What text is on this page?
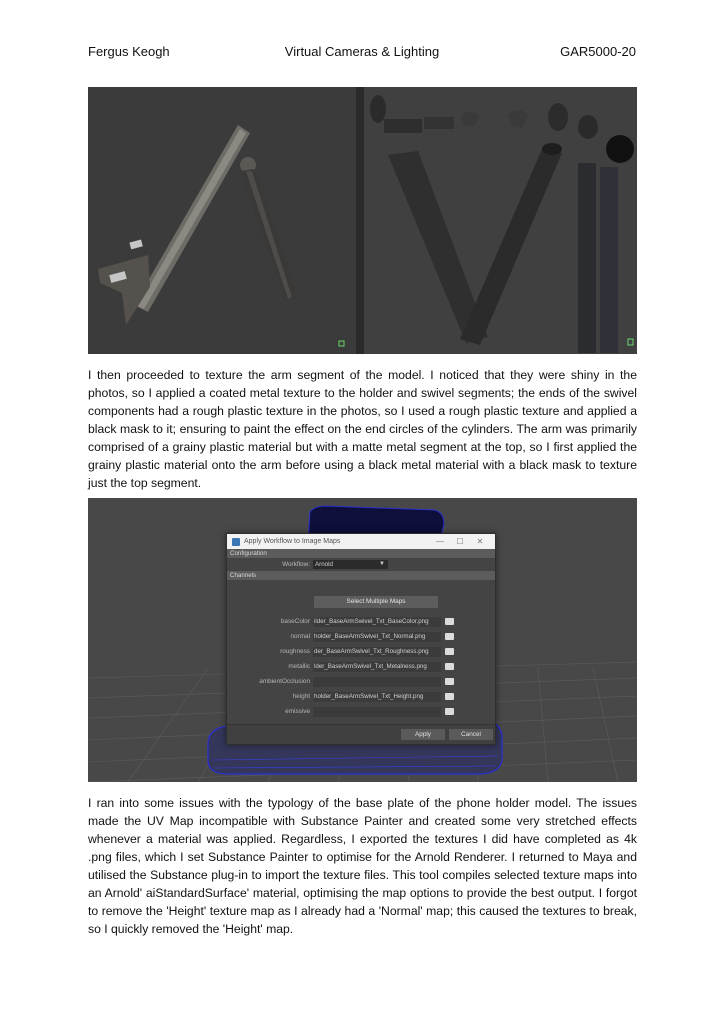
Fergus Keogh	Virtual Cameras & Lighting	GAR5000-20

I then proceeded to texture the arm segment of the model. I noticed that they were shiny in the photos, so I applied a coated metal texture to the holder and swivel segments; the ends of the swivel components had a rough plastic texture in the photos, so I used a rough plastic texture and applied a black mask to it; ensuring to paint the effect on the end circles of the cylinders. The arm was primarily comprised of a grainy plastic material but with a matte metal segment at the top, so I first applied the grainy plastic material onto the arm before using a black metal material with a black mask to texture just the top segment.

Apply Workflow to Image Maps	—	☐	✕
Configuration
Workflow: Arnold	▼
Channels
Select Multiple Maps
baseColor ilder_BaseArmSwivel_Txt_BaseColor.png
normal holder_BaseArmSwivel_Txt_Normal.png
roughness der_BaseArmSwivel_Txt_Roughness.png
metallic lder_BaseArmSwivel_Txt_Metalness.png
ambientOcclusion
height holder_BaseArmSwivel_Txt_Height.png
emissive
Apply	Cancel

I ran into some issues with the typology of the base plate of the phone holder model. The issues made the UV Map incompatible with Substance Painter and created some very stretched effects whenever a material was applied. Regardless, I exported the textures I did have completed as 4k .png files, which I set Substance Painter to optimise for the Arnold Renderer. I returned to Maya and utilised the Substance plug-in to import the texture files. This tool compiles selected texture maps into an Arnold' aiStandardSurface' material, optimising the map options to provide the best output. I forgot to remove the 'Height' texture map as I already had a 'Normal' map; this caused the textures to break, so I quickly removed the 'Height' map.
